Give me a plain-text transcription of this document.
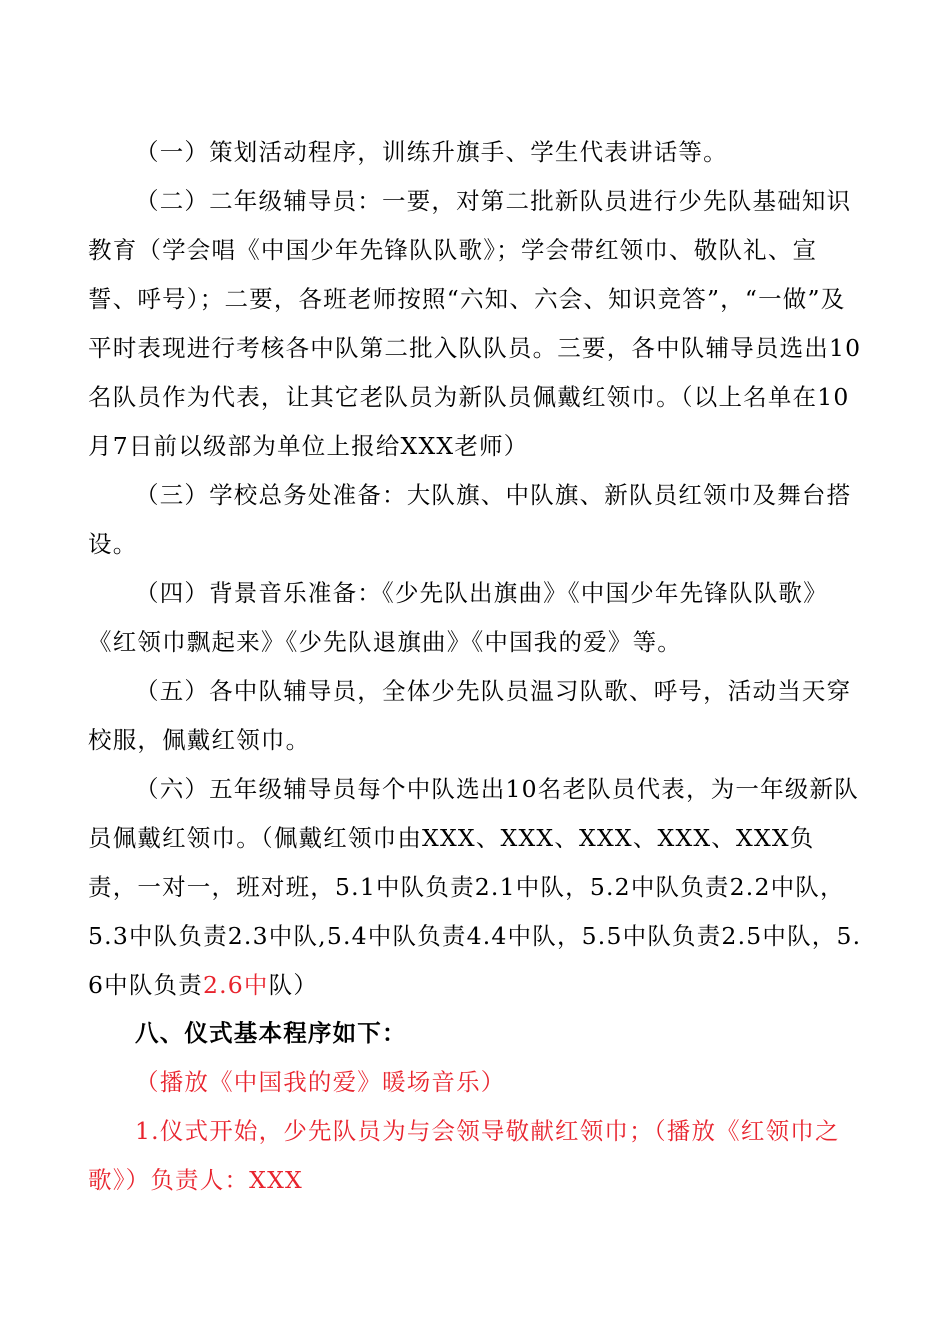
（一）策划活动程序，训练升旗手、学生代表讲话等。

（二）二年级辅导员：一要，对第二批新队员进行少先队基础知识教育（学会唱《中国少年先锋队队歌》；学会带红领巾、敬队礼、宣誓、呼号）；二要，各班老师按照“六知、六会、知识竞答”，“一做”及平时表现进行考核各中队第二批入队队员。三要，各中队辅导员选出10名队员作为代表，让其它老队员为新队员佩戴红领巾。（以上名单在10月7日前以级部为单位上报给XXX老师）

（三）学校总务处准备：大队旗、中队旗、新队员红领巾及舞台搭设。

（四）背景音乐准备：《少先队出旗曲》《中国少年先锋队队歌》《红领巾飘起来》《少先队退旗曲》《中国我的爱》等。

（五）各中队辅导员，全体少先队员温习队歌、呼号，活动当天穿校服，佩戴红领巾。

（六）五年级辅导员每个中队选出10名老队员代表，为一年级新队员佩戴红领巾。（佩戴红领巾由XXX、XXX、XXX、XXX、XXX负责，一对一，班对班，5.1中队负责2.1中队，5.2中队负责2.2中队，5.3中队负责2.3中队,5.4中队负责4.4中队，5.5中队负责2.5中队，5.6中队负责2.6中队）

八、仪式基本程序如下：

（播放《中国我的爱》暖场音乐）

1.仪式开始，少先队员为与会领导敬献红领巾；（播放《红领巾之歌》）负责人：XXX
